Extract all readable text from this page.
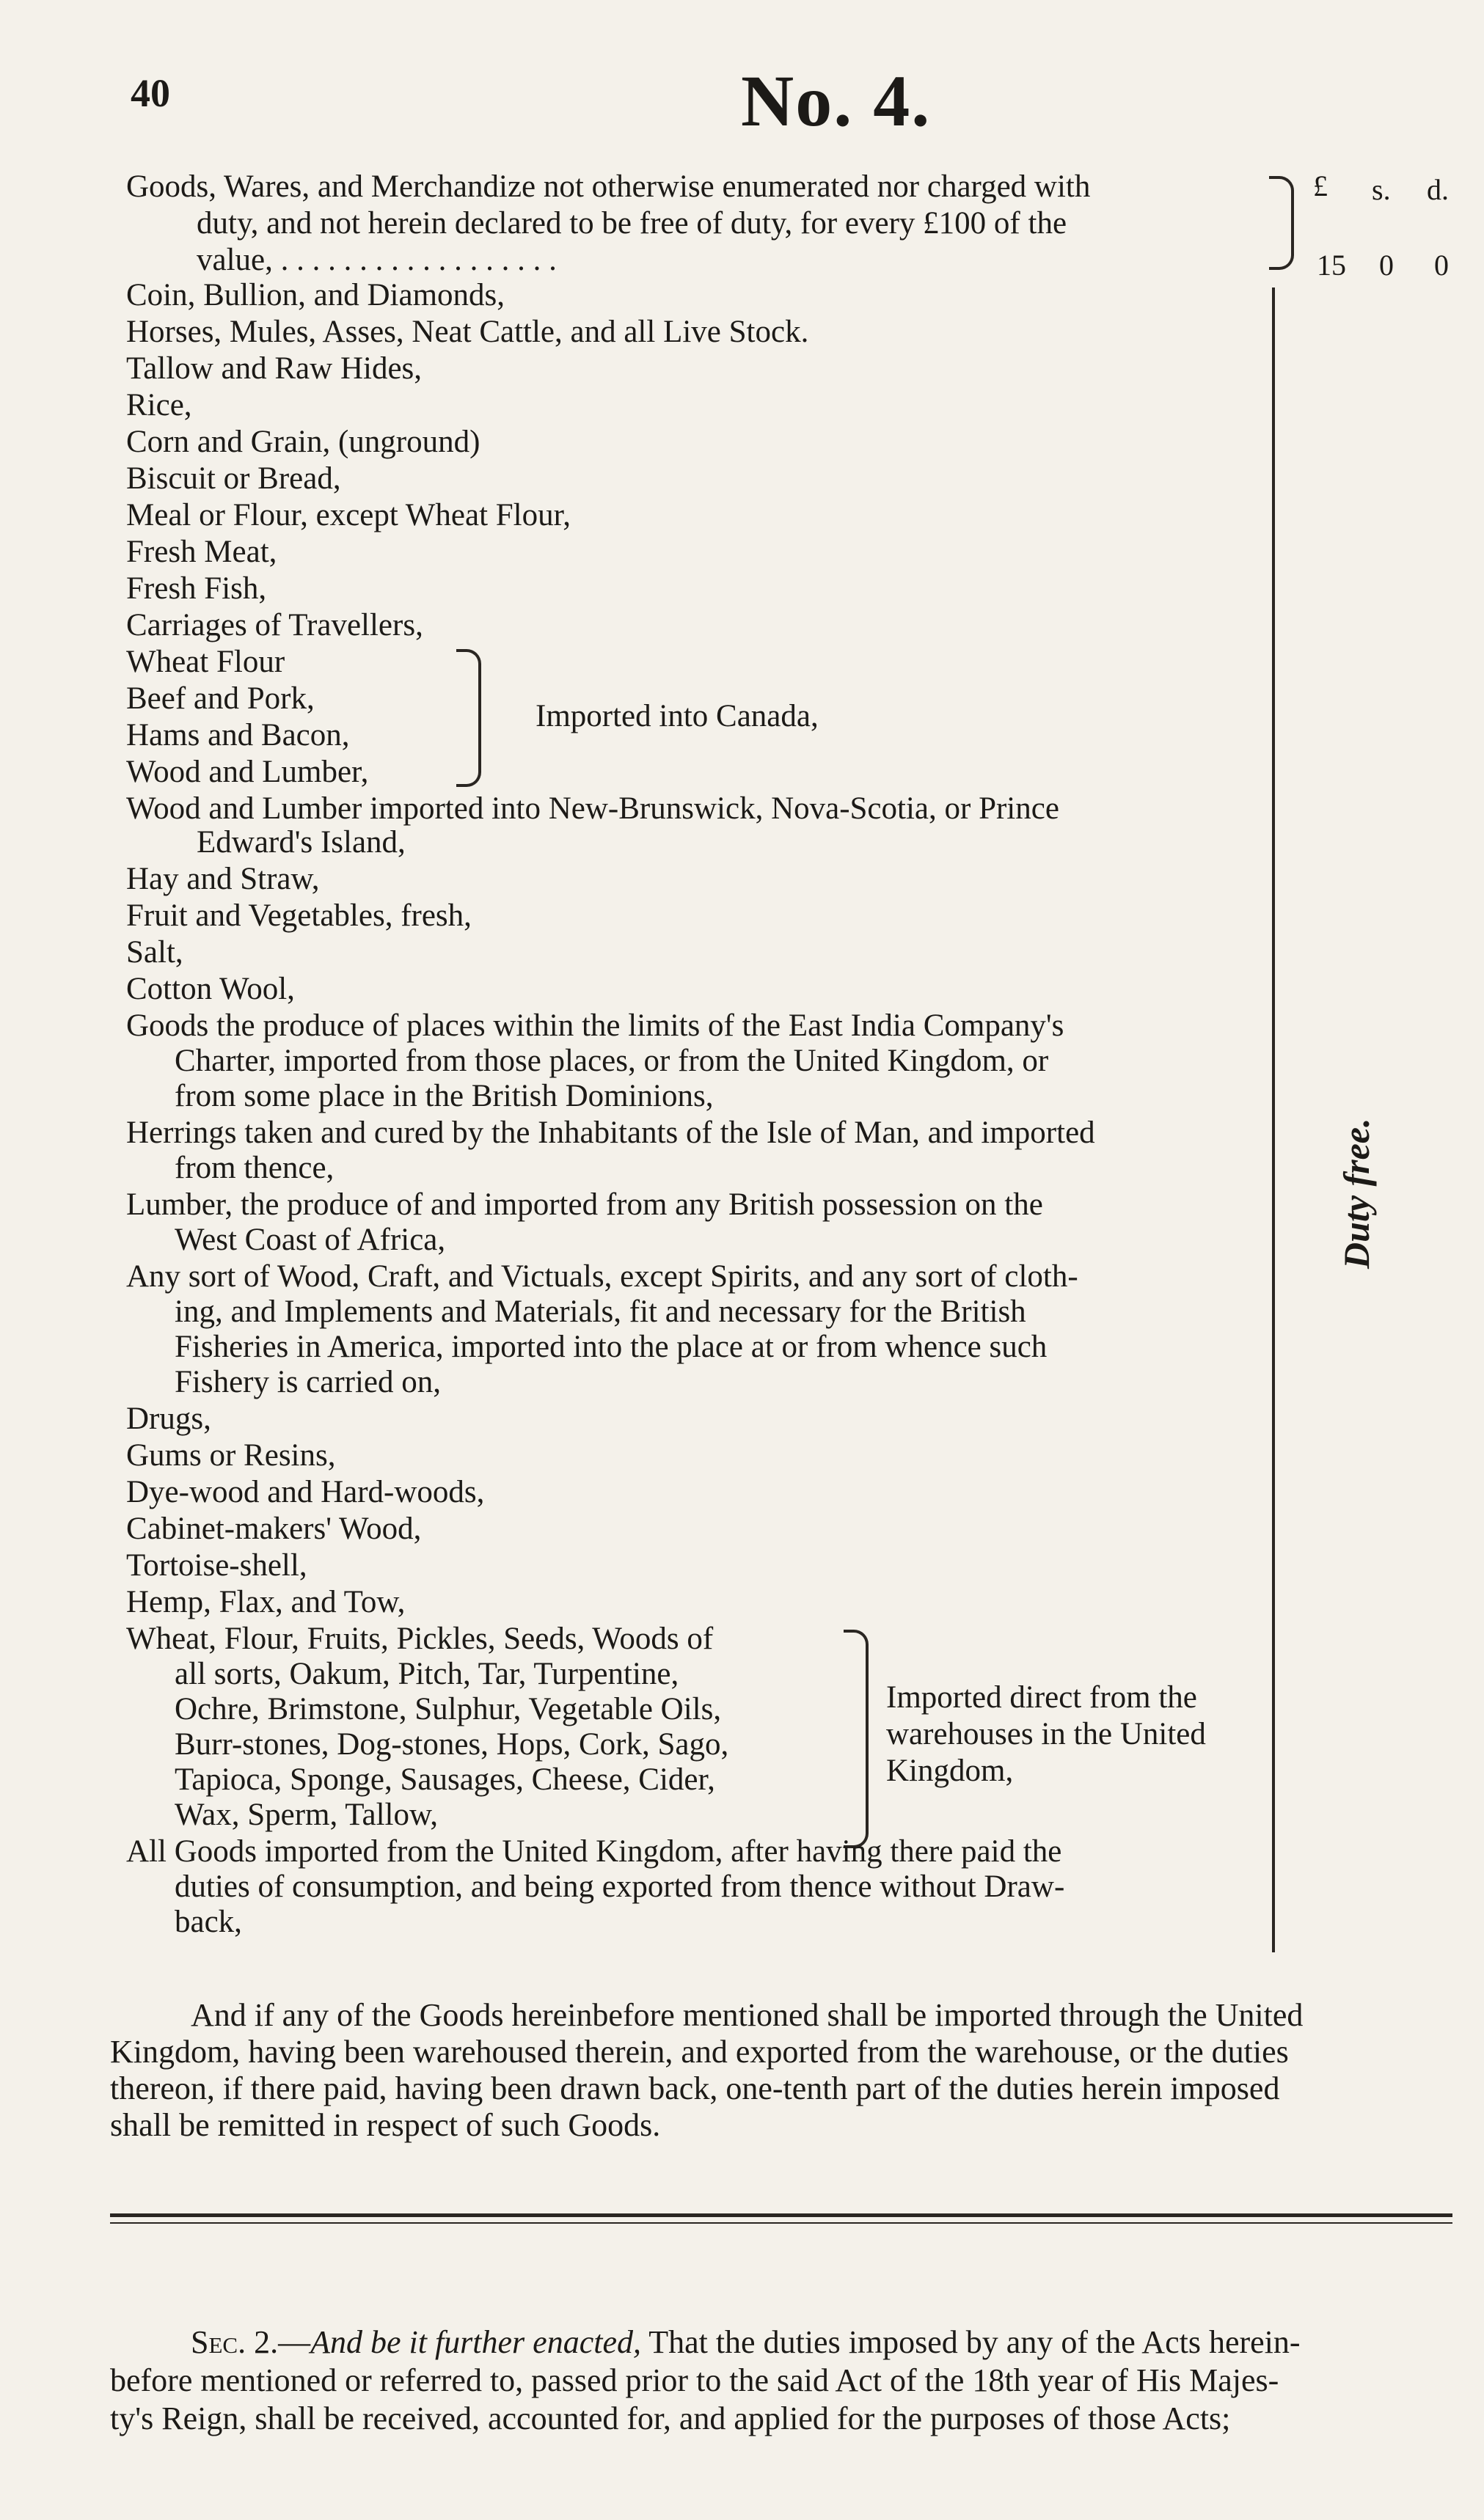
40	No. 4.
£ s. d.
Goods, Wares, and Merchandize not otherwise enumerated nor charged with
duty, and not herein declared to be free of duty, for every £100 of the
value, . . . . . . . . . . . . . . . . . .	15 0 0
Duty free.
Coin, Bullion, and Diamonds,
Horses, Mules, Asses, Neat Cattle, and all Live Stock.
Tallow and Raw Hides,
Rice,
Corn and Grain, (unground)
Biscuit or Bread,
Meal or Flour, except Wheat Flour,
Fresh Meat,
Fresh Fish,
Carriages of Travellers,
Wheat Flour
Beef and Pork,
Hams and Bacon,
Wood and Lumber,
Imported into Canada,
Wood and Lumber imported into New-Brunswick, Nova-Scotia, or Prince
Edward's Island,
Hay and Straw,
Fruit and Vegetables, fresh,
Salt,
Cotton Wool,
Goods the produce of places within the limits of the East India Company's
Charter, imported from those places, or from the United Kingdom, or
from some place in the British Dominions,
Herrings taken and cured by the Inhabitants of the Isle of Man, and imported
from thence,
Lumber, the produce of and imported from any British possession on the
West Coast of Africa,
Any sort of Wood, Craft, and Victuals, except Spirits, and any sort of cloth-
ing, and Implements and Materials, fit and necessary for the British
Fisheries in America, imported into the place at or from whence such
Fishery is carried on,
Drugs,
Gums or Resins,
Dye-wood and Hard-woods,
Cabinet-makers' Wood,
Tortoise-shell,
Hemp, Flax, and Tow,
Wheat, Flour, Fruits, Pickles, Seeds, Woods of
all sorts, Oakum, Pitch, Tar, Turpentine,
Ochre, Brimstone, Sulphur, Vegetable Oils,
Burr-stones, Dog-stones, Hops, Cork, Sago,
Tapioca, Sponge, Sausages, Cheese, Cider,
Wax, Sperm, Tallow,
Imported direct from the
warehouses in the United
Kingdom,
All Goods imported from the United Kingdom, after having there paid the
duties of consumption, and being exported from thence without Draw-
back,
And if any of the Goods hereinbefore mentioned shall be imported through the United
Kingdom, having been warehoused therein, and exported from the warehouse, or the duties
thereon, if there paid, having been drawn back, one-tenth part of the duties herein imposed
shall be remitted in respect of such Goods.
Sec. 2.—And be it further enacted, That the duties imposed by any of the Acts herein-
before mentioned or referred to, passed prior to the said Act of the 18th year of His Majes-
ty's Reign, shall be received, accounted for, and applied for the purposes of those Acts;
